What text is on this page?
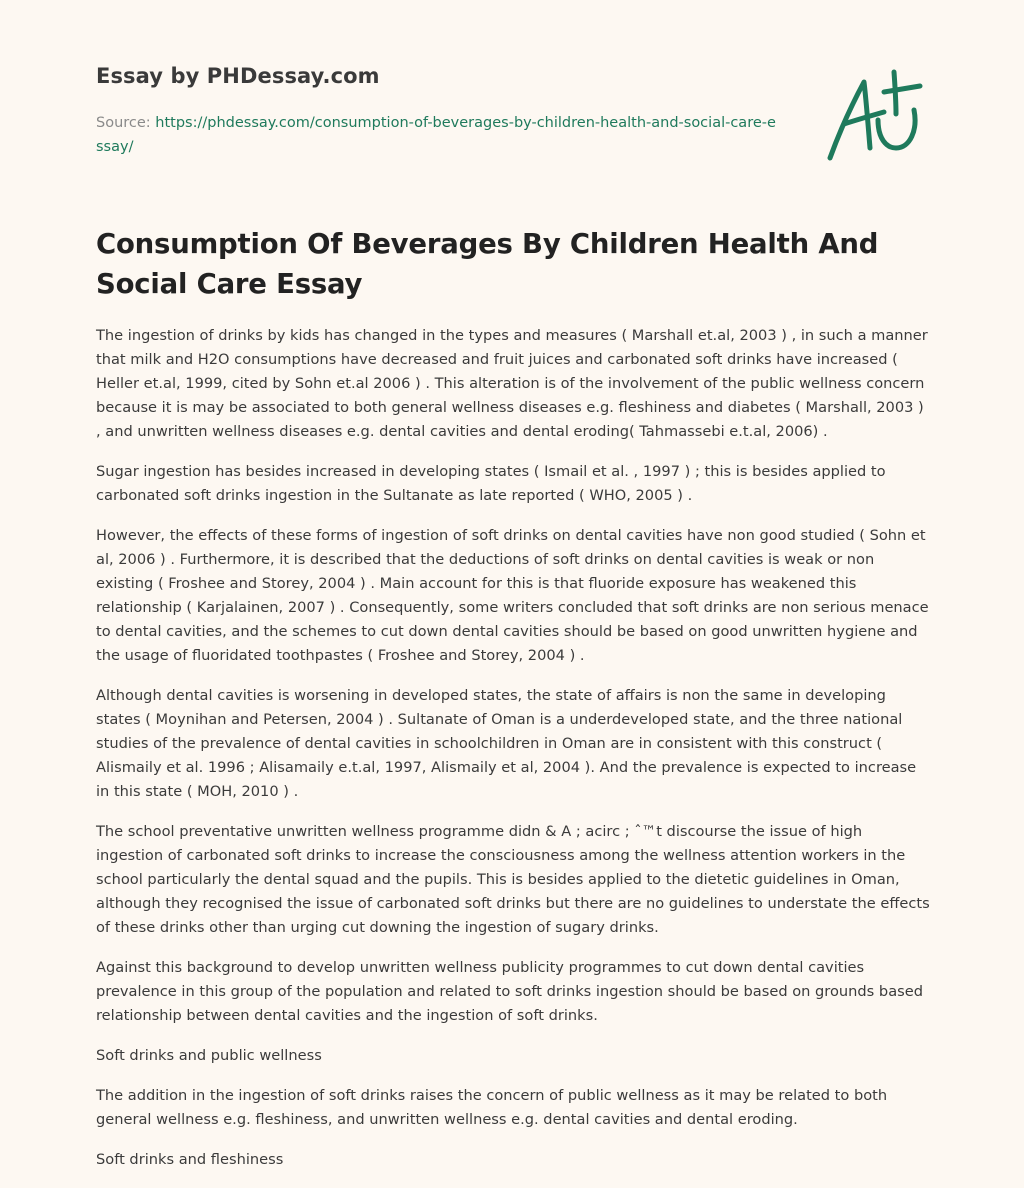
Essay by PHDessay.com
Source: https://phdessay.com/consumption-of-beverages-by-children-health-and-social-care-essay/
Consumption Of Beverages By Children Health And Social Care Essay

The ingestion of drinks by kids has changed in the types and measures ( Marshall et.al, 2003 ) , in such a manner that milk and H2O consumptions have decreased and fruit juices and carbonated soft drinks have increased ( Heller et.al, 1999, cited by Sohn et.al 2006 ) . This alteration is of the involvement of the public wellness concern because it is may be associated to both general wellness diseases e.g. fleshiness and diabetes ( Marshall, 2003 ) , and unwritten wellness diseases e.g. dental cavities and dental eroding( Tahmassebi e.t.al, 2006) .

Sugar ingestion has besides increased in developing states ( Ismail et al. , 1997 ) ; this is besides applied to carbonated soft drinks ingestion in the Sultanate as late reported ( WHO, 2005 ) .

However, the effects of these forms of ingestion of soft drinks on dental cavities have non good studied ( Sohn et al, 2006 ) . Furthermore, it is described that the deductions of soft drinks on dental cavities is weak or non existing ( Froshee and Storey, 2004 ) . Main account for this is that fluoride exposure has weakened this relationship ( Karjalainen, 2007 ) . Consequently, some writers concluded that soft drinks are non serious menace to dental cavities, and the schemes to cut down dental cavities should be based on good unwritten hygiene and the usage of fluoridated toothpastes ( Froshee and Storey, 2004 ) .

Although dental cavities is worsening in developed states, the state of affairs is non the same in developing states ( Moynihan and Petersen, 2004 ) . Sultanate of Oman is a underdeveloped state, and the three national studies of the prevalence of dental cavities in schoolchildren in Oman are in consistent with this construct ( Alismaily et al. 1996 ; Alisamaily e.t.al, 1997, Alismaily et al, 2004 ). And the prevalence is expected to increase in this state ( MOH, 2010 ) .

The school preventative unwritten wellness programme didn & A ; acirc ; ˆ™t discourse the issue of high ingestion of carbonated soft drinks to increase the consciousness among the wellness attention workers in the school particularly the dental squad and the pupils. This is besides applied to the dietetic guidelines in Oman, although they recognised the issue of carbonated soft drinks but there are no guidelines to understate the effects of these drinks other than urging cut downing the ingestion of sugary drinks.

Against this background to develop unwritten wellness publicity programmes to cut down dental cavities prevalence in this group of the population and related to soft drinks ingestion should be based on grounds based relationship between dental cavities and the ingestion of soft drinks.

Soft drinks and public wellness

The addition in the ingestion of soft drinks raises the concern of public wellness as it may be related to both general wellness e.g. fleshiness, and unwritten wellness e.g. dental cavities and dental eroding.

Soft drinks and fleshiness
